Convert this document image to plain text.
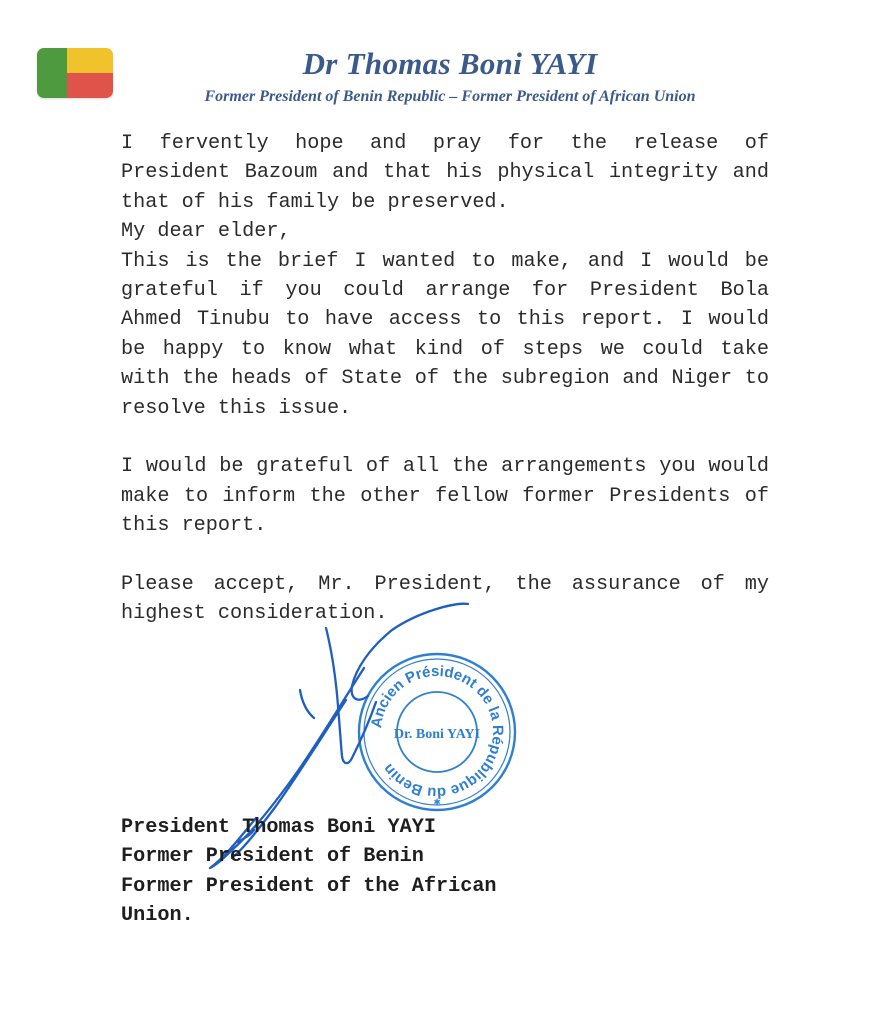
Dr Thomas Boni YAYI
Former President of Benin Republic – Former President of African Union

I fervently hope and pray for the release of President Bazoum and that his physical integrity and that of his family be preserved.

My dear elder,

This is the brief I wanted to make, and I would be grateful if you could arrange for President Bola Ahmed Tinubu to have access to this report. I would be happy to know what kind of steps we could take with the heads of State of the subregion and Niger to resolve this issue.

I would be grateful of all the arrangements you would make to inform the other fellow former Presidents of this report.

Please accept, Mr. President, the assurance of my highest consideration.

Ancien Président de la République du Benin
✱
Dr. Boni YAYI
President Thomas Boni YAYI
Former President of Benin
Former President of the African
Union.
